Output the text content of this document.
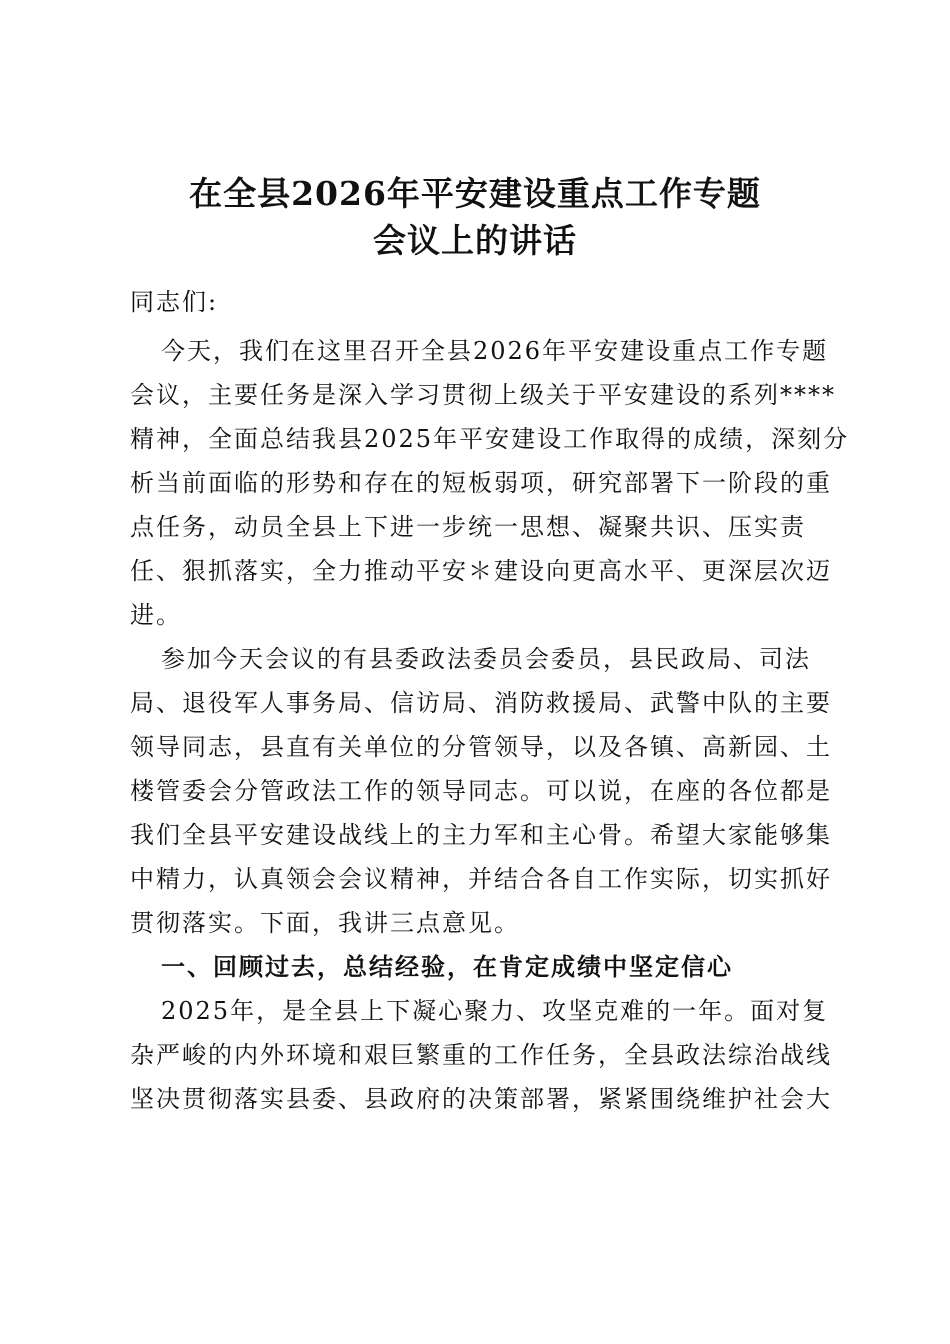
在全县2026年平安建设重点工作专题
会议上的讲话
同志们:
今天，我们在这里召开全县2026年平安建设重点工作专题
会议，主要任务是深入学习贯彻上级关于平安建设的系列****
精神，全面总结我县2025年平安建设工作取得的成绩，深刻分
析当前面临的形势和存在的短板弱项，研究部署下一阶段的重
点任务，动员全县上下进一步统一思想、凝聚共识、压实责
任、狠抓落实，全力推动平安＊建设向更高水平、更深层次迈
进。
参加今天会议的有县委政法委员会委员，县民政局、司法
局、退役军人事务局、信访局、消防救援局、武警中队的主要
领导同志，县直有关单位的分管领导，以及各镇、高新园、土
楼管委会分管政法工作的领导同志。可以说，在座的各位都是
我们全县平安建设战线上的主力军和主心骨。希望大家能够集
中精力，认真领会会议精神，并结合各自工作实际，切实抓好
贯彻落实。下面，我讲三点意见。
一、回顾过去，总结经验，在肯定成绩中坚定信心
2025年，是全县上下凝心聚力、攻坚克难的一年。面对复
杂严峻的内外环境和艰巨繁重的工作任务，全县政法综治战线
坚决贯彻落实县委、县政府的决策部署，紧紧围绕维护社会大
